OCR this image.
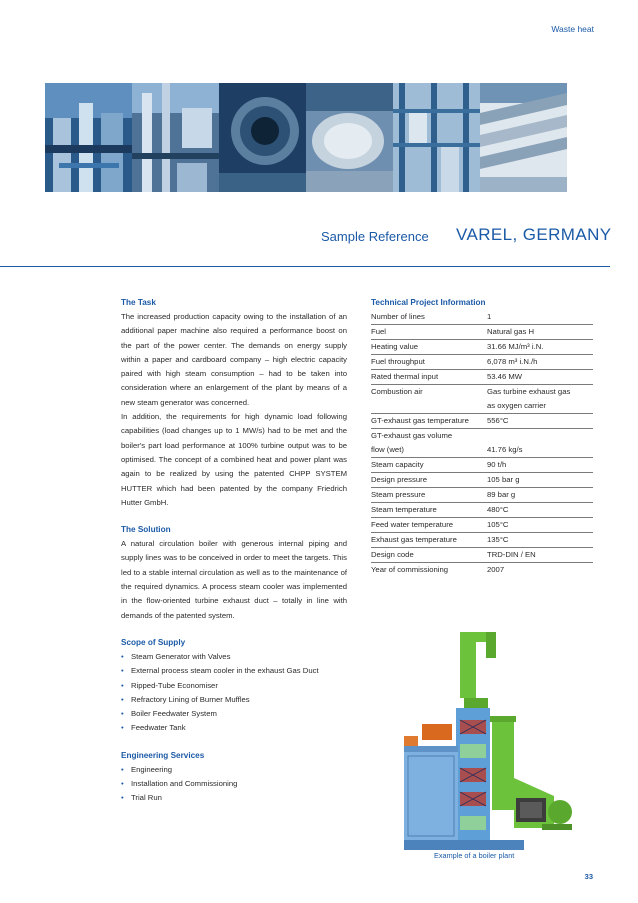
Waste heat
Sample Reference VAREL, GERMANY
The Task

The increased production capacity owing to the installation of an additional paper machine also required a performance boost on the part of the power center. The demands on energy supply within a paper and cardboard company – high electric capacity paired with high steam consumption – had to be taken into consideration where an enlargement of the plant by means of a new steam generator was concerned.

In addition, the requirements for high dynamic load following capabilities (load changes up to 1 MW/s) had to be met and the boiler's part load performance at 100% turbine output was to be optimised. The concept of a combined heat and power plant was again to be realized by using the patented CHPP SYSTEM HUTTER which had been patented by the company Friedrich Hutter GmbH.

The Solution

A natural circulation boiler with generous internal piping and supply lines was to be conceived in order to meet the targets. This led to a stable internal circulation as well as to the maintenance of the required dynamics. A process steam cooler was implemented in the flow-oriented turbine exhaust duct – totally in line with demands of the patented system.

Scope of Supply
• Steam Generator with Valves
• External process steam cooler in the exhaust Gas Duct
• Ripped-Tube Economiser
• Refractory Lining of Burner Muffles
• Boiler Feedwater System
• Feedwater Tank
Engineering Services
• Engineering
• Installation and Commissioning
• Trial Run
Technical Project Information
Number of lines	1
Fuel	Natural gas H
Heating value	31.66 MJ/m³ i.N.
Fuel throughput	6,078 m³ i.N./h
Rated thermal input	53.46 MW
Combustion air	Gas turbine exhaust gas
	as oxygen carrier
GT-exhaust gas temperature	556°C
GT-exhaust gas volume	
flow (wet)	41.76 kg/s
Steam capacity	90 t/h
Design pressure	105 bar g
Steam pressure	89 bar g
Steam temperature	480°C
Feed water temperature	105°C
Exhaust gas temperature	135°C
Design code	TRD-DIN / EN
Year of commissioning	2007
Example of a boiler plant
33
